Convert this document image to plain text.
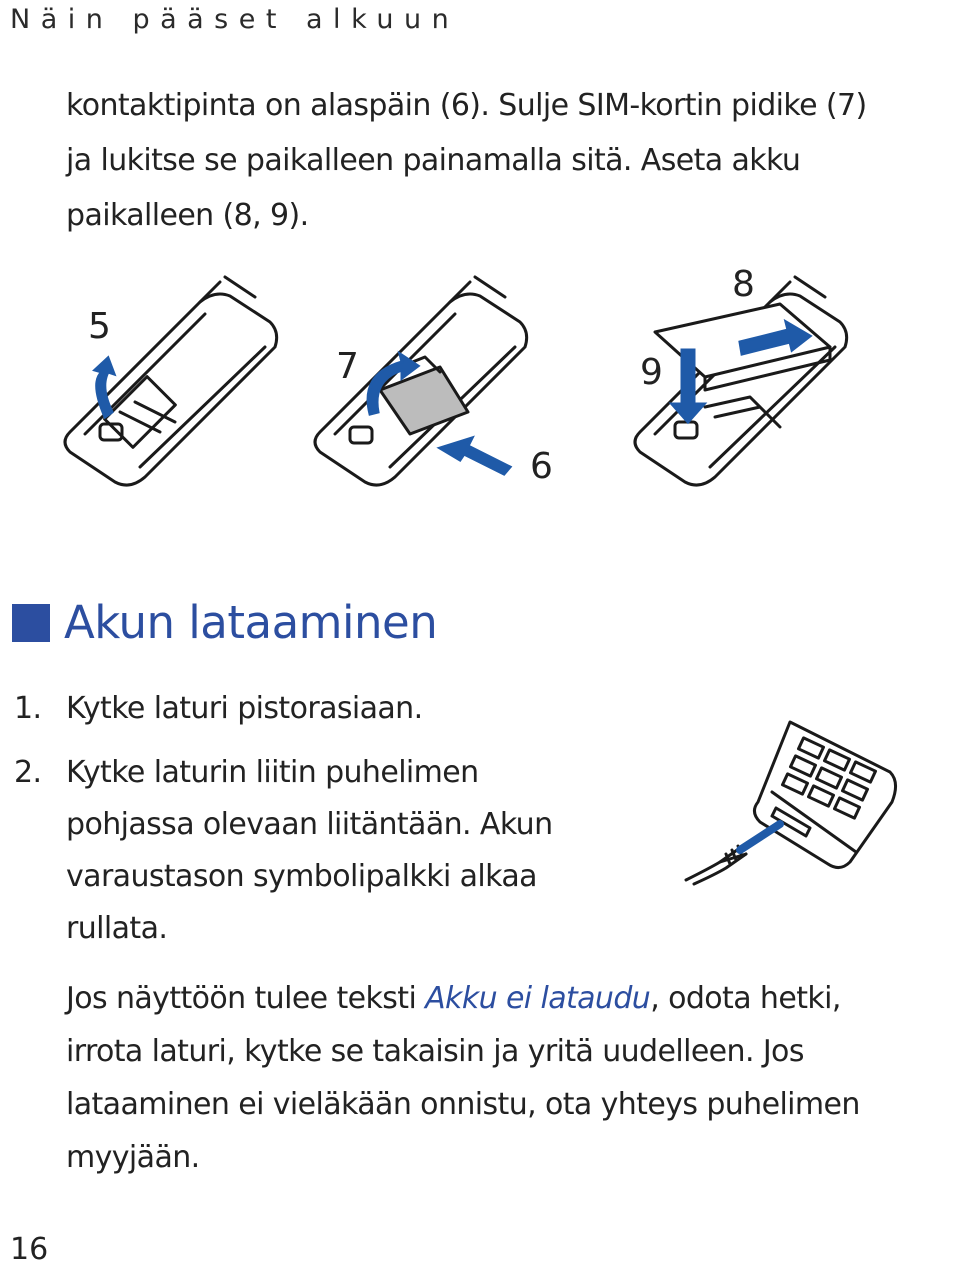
Näin pääset alkuun

kontaktipinta on alaspäin (6). Sulje SIM-kortin pidike (7)

ja lukitse se paikalleen painamalla sitä. Aseta akku

paikalleen (8, 9).

5
7
6
8
9
Akun lataaminen
1. Kytke laturi pistorasiaan.
2. Kytke laturin liitin puhelimen
pohjassa olevaan liitäntään. Akun
varaustason symbolipalkki alkaa
rullata.

Jos näyttöön tulee teksti Akku ei lataudu, odota hetki,
irrota laturi, kytke se takaisin ja yritä uudelleen. Jos
lataaminen ei vieläkään onnistu, ota yhteys puhelimen
myyjään.

16
